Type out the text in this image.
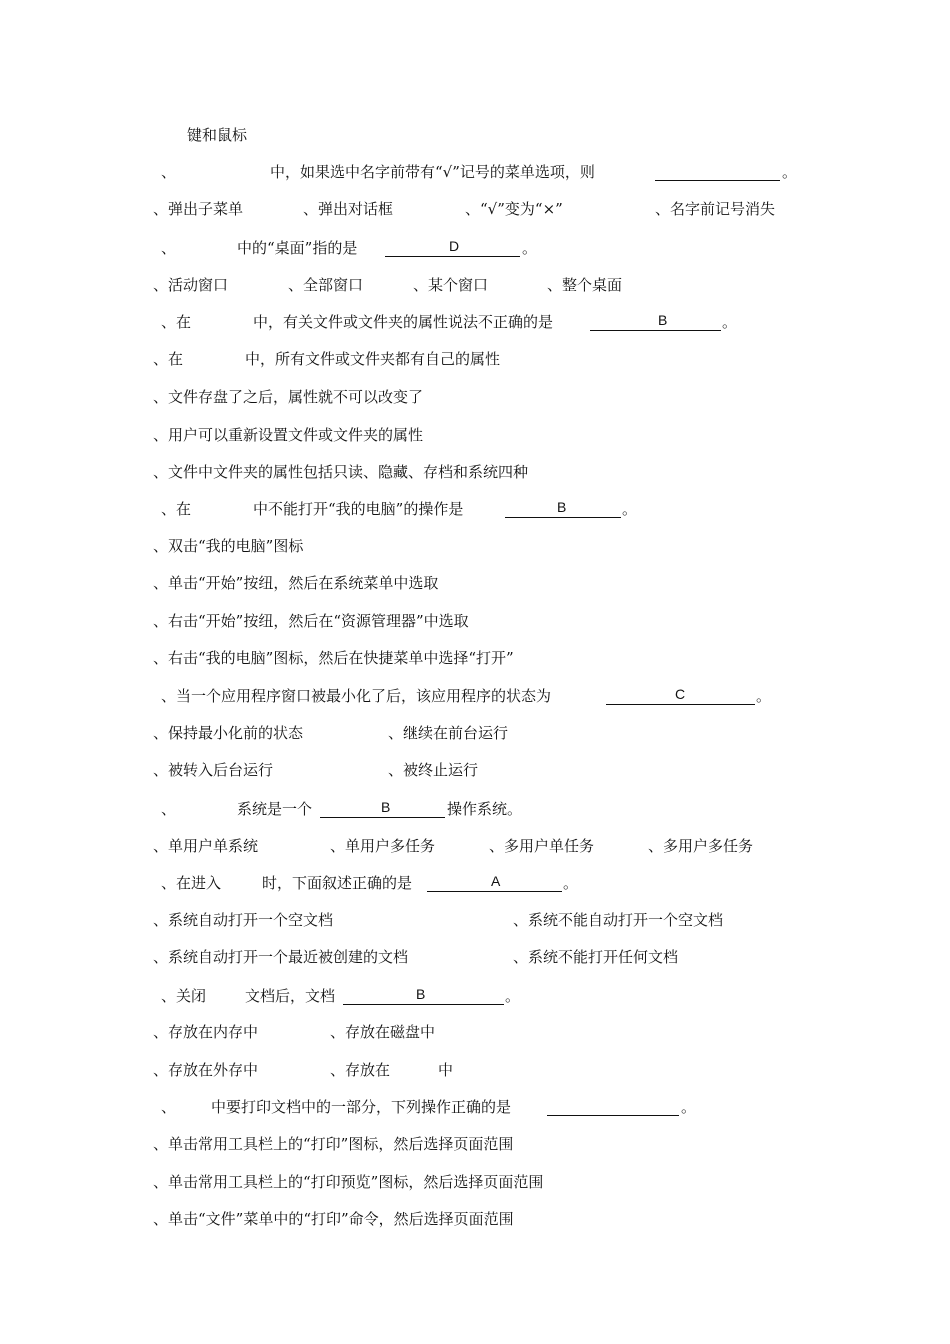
键和鼠标
、	中，如果选中名字前带有“√”记号的菜单选项，则	。
、弹出子菜单	、弹出对话框	、“√”变为“×”	、名字前记号消失
、	中的“桌面”指的是	。
D
、活动窗口	、全部窗口	、某个窗口	、整个桌面
、在	中，有关文件或文件夹的属性说法不正确的是	。
B
、在	中，所有文件或文件夹都有自己的属性
、文件存盘了之后，属性就不可以改变了
、用户可以重新设置文件或文件夹的属性
、文件中文件夹的属性包括只读、隐藏、存档和系统四种
、在	中不能打开“我的电脑”的操作是	。
B
、双击“我的电脑”图标
、单击“开始”按纽，然后在系统菜单中选取
、右击“开始”按纽，然后在“资源管理器”中选取
、右击“我的电脑”图标，然后在快捷菜单中选择“打开”
、当一个应用程序窗口被最小化了后，该应用程序的状态为	。
C
、保持最小化前的状态	、继续在前台运行
、被转入后台运行	、被终止运行
、	系统是一个	操作系统。
B
、单用户单系统	、单用户多任务	、多用户单任务	、多用户多任务
、在进入	时，下面叙述正确的是	。
A
、系统自动打开一个空文档	、系统不能自动打开一个空文档
、系统自动打开一个最近被创建的文档	、系统不能打开任何文档
、关闭	文档后，文档	。
B
、存放在内存中	、存放在磁盘中
、存放在外存中	、存放在	中
、 中要打印文档中的一部分，下列操作正确的是	。
、单击常用工具栏上的“打印”图标，然后选择页面范围
、单击常用工具栏上的“打印预览”图标，然后选择页面范围
、单击“文件”菜单中的“打印”命令，然后选择页面范围
